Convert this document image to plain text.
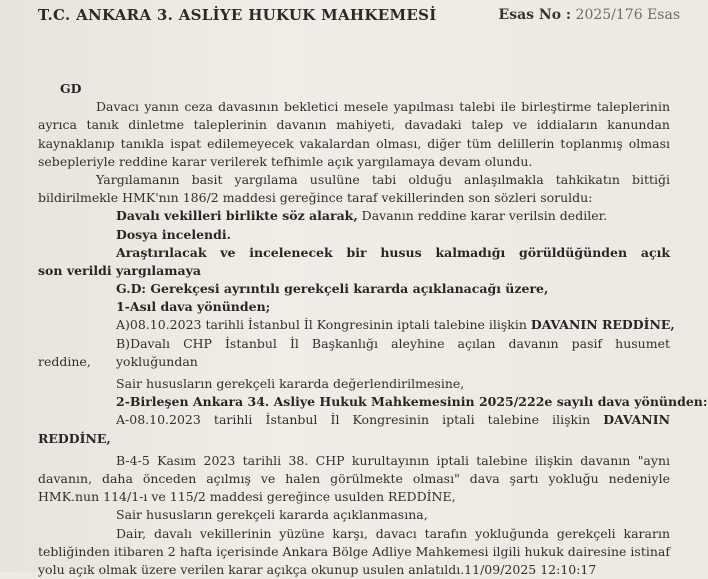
T.C. ANKARA 3. ASLİYE HUKUK MAHKEMESİ	Esas No : 2025/176 Esas
GD
Davacı yanın ceza davasının bekletici mesele yapılması talebi ile birleştirme taleplerinin
ayrıca tanık dinletme taleplerinin davanın mahiyeti, davadaki talep ve iddiaların kanundan
kaynaklanıp tanıkla ispat edilemeyecek vakalardan olması, diğer tüm delillerin toplanmış olması
sebepleriyle reddine karar verilerek tefhimle açık yargılamaya devam olundu.
Yargılamanın basit yargılama usulüne tabi olduğu anlaşılmakla tahkikatın bittiği
bildirilmekle HMK'nın 186/2 maddesi gereğince taraf vekillerinden son sözleri soruldu:
Davalı vekilleri birlikte söz alarak, Davanın reddine karar verilsin dediler.
Dosya incelendi.
Araştırılacak ve incelenecek bir husus kalmadığı görüldüğünden açık yargılamaya
son verildi
G.D: Gerekçesi ayrıntılı gerekçeli kararda açıklanacağı üzere,
1-Asıl dava yönünden;
A)08.10.2023 tarihli İstanbul İl Kongresinin iptali talebine ilişkin DAVANIN REDDİNE,
B)Davalı CHP İstanbul İl Başkanlığı aleyhine açılan davanın pasif husumet yokluğundan
reddine,
Sair hususların gerekçeli kararda değerlendirilmesine,
2-Birleşen Ankara 34. Asliye Hukuk Mahkemesinin 2025/222e sayılı dava yönünden:
A-08.10.2023 tarihli İstanbul İl Kongresinin iptali talebine ilişkin DAVANIN
REDDİNE,
B-4-5 Kasım 2023 tarihli 38. CHP kurultayının iptali talebine ilişkin davanın "aynı
davanın, daha önceden açılmış ve halen görülmekte olması" dava şartı yokluğu nedeniyle
HMK.nun 114/1-ı ve 115/2 maddesi gereğince usulden REDDİNE,
Sair hususların gerekçeli kararda açıklanmasına,
Dair, davalı vekillerinin yüzüne karşı, davacı tarafın yokluğunda gerekçeli kararın
tebliğinden itibaren 2 hafta içerisinde Ankara Bölge Adliye Mahkemesi ilgili hukuk dairesine istinaf
yolu açık olmak üzere verilen karar açıkça okunup usulen anlatıldı.11/09/2025 12:10:17
